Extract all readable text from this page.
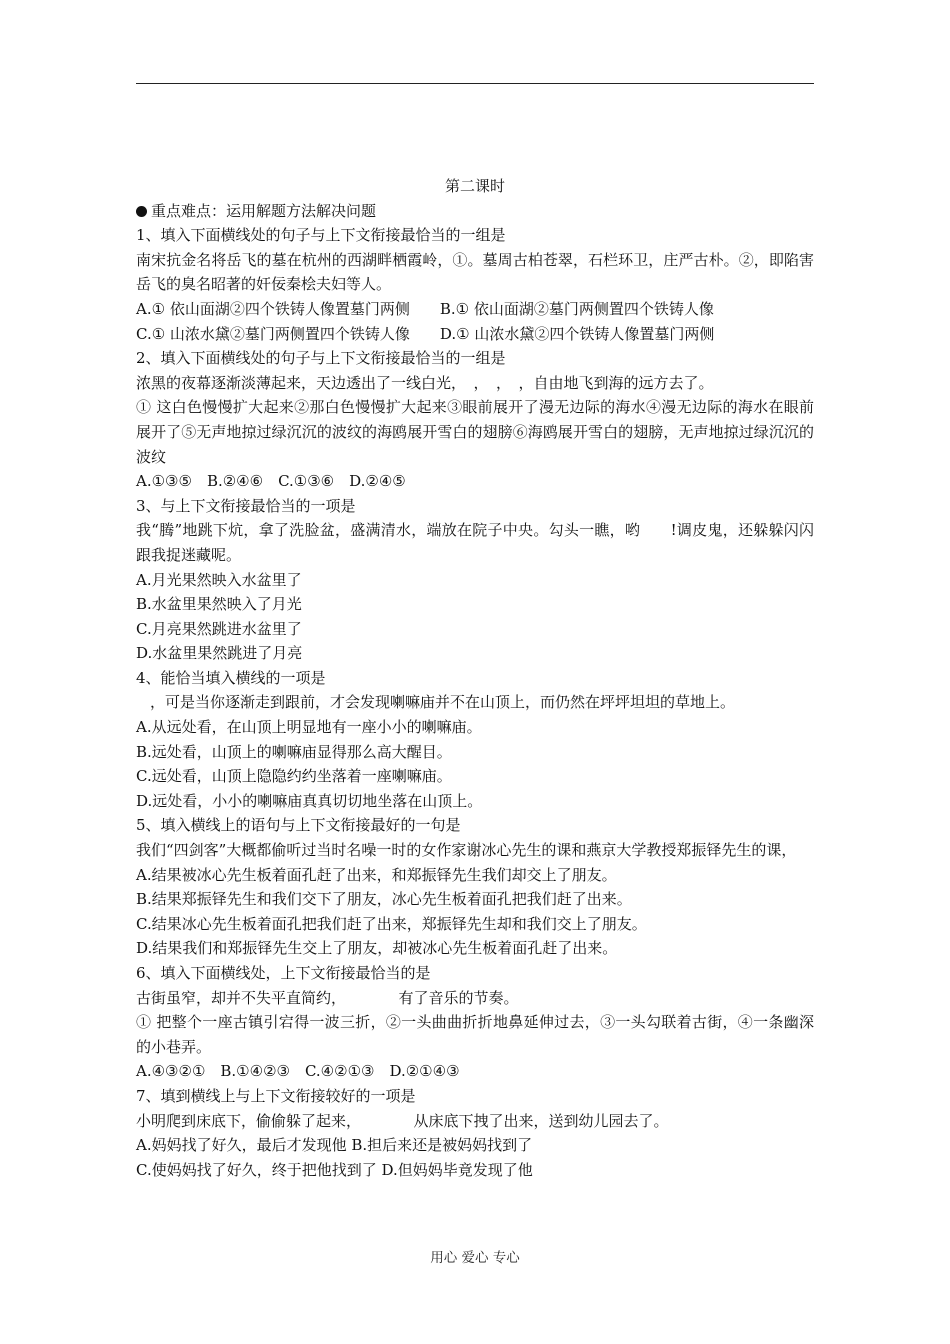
第二课时

重点难点：运用解题方法解决问题

1、填入下面横线处的句子与上下文衔接最恰当的一组是

南宋抗金名将岳飞的墓在杭州的西湖畔栖霞岭，①。墓周古柏苍翠，石栏环卫，庄严古朴。②，即陷害岳飞的臭名昭著的奸佞秦桧夫妇等人。

A.① 依山面湖②四个铁铸人像置墓门两侧　　B.① 依山面湖②墓门两侧置四个铁铸人像

C.① 山浓水黛②墓门两侧置四个铁铸人像　　D.① 山浓水黛②四个铁铸人像置墓门两侧

2、填入下面横线处的句子与上下文衔接最恰当的一组是

浓黑的夜幕逐渐淡薄起来，天边透出了一线白光，　，　，　，自由地飞到海的远方去了。

① 这白色慢慢扩大起来②那白色慢慢扩大起来③眼前展开了漫无边际的海水④漫无边际的海水在眼前展开了⑤无声地掠过绿沉沉的波纹的海鸥展开雪白的翅膀⑥海鸥展开雪白的翅膀，无声地掠过绿沉沉的波纹

A.①③⑤　B.②④⑥　C.①③⑥　D.②④⑤

3、与上下文衔接最恰当的一项是

我“腾”地跳下炕，拿了洗脸盆，盛满清水，端放在院子中央。勾头一瞧，哟　　!调皮鬼，还躲躲闪闪跟我捉迷藏呢。

A.月光果然映入水盆里了

B.水盆里果然映入了月光

C.月亮果然跳进水盆里了

D.水盆里果然跳进了月亮

4、能恰当填入横线的一项是

，可是当你逐渐走到跟前，才会发现喇嘛庙并不在山顶上，而仍然在坪坪坦坦的草地上。

A.从远处看，在山顶上明显地有一座小小的喇嘛庙。

B.远处看，山顶上的喇嘛庙显得那么高大醒目。

C.远处看，山顶上隐隐约约坐落着一座喇嘛庙。

D.远处看，小小的喇嘛庙真真切切地坐落在山顶上。

5、填入横线上的语句与上下文衔接最好的一句是

我们“四剑客”大概都偷听过当时名噪一时的女作家谢冰心先生的课和燕京大学教授郑振铎先生的课，

A.结果被冰心先生板着面孔赶了出来，和郑振铎先生我们却交上了朋友。

B.结果郑振铎先生和我们交下了朋友，冰心先生板着面孔把我们赶了出来。

C.结果冰心先生板着面孔把我们赶了出来，郑振铎先生却和我们交上了朋友。

D.结果我们和郑振铎先生交上了朋友，却被冰心先生板着面孔赶了出来。

6、填入下面横线处，上下文衔接最恰当的是

古街虽窄，却并不失平直简约，　　　　有了音乐的节奏。

① 把整个一座古镇引宕得一波三折，②一头曲曲折折地鼻延伸过去，③一头勾联着古街，④一条幽深的小巷弄。

A.④③②①　B.①④②③　C.④②①③　D.②①④③

7、填到横线上与上下文衔接较好的一项是

小明爬到床底下，偷偷躲了起来，　　　　从床底下拽了出来，送到幼儿园去了。

A.妈妈找了好久，最后才发现他 B.担后来还是被妈妈找到了

C.使妈妈找了好久，终于把他找到了 D.但妈妈毕竟发现了他

用心 爱心 专心
